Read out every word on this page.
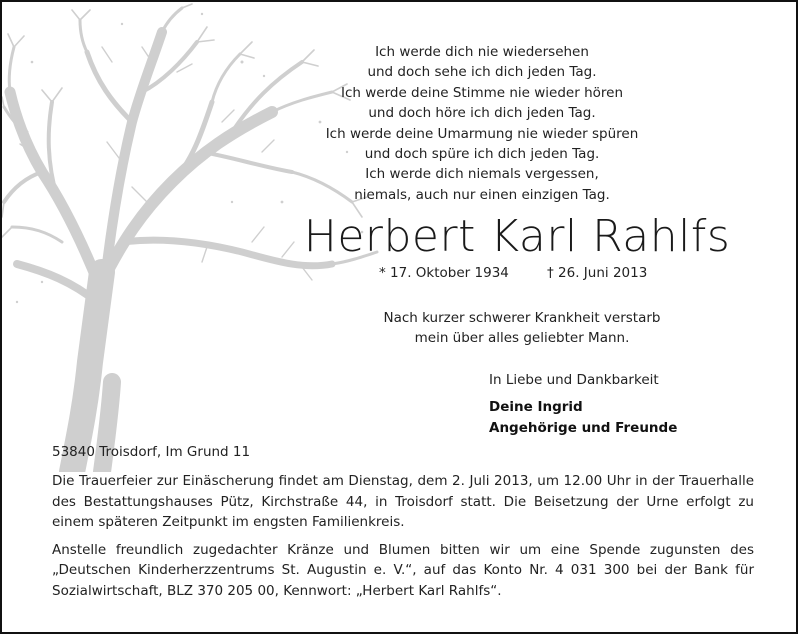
Ich werde dich nie wiedersehen
und doch sehe ich dich jeden Tag.
Ich werde deine Stimme nie wieder hören
und doch höre ich dich jeden Tag.
Ich werde deine Umarmung nie wieder spüren
und doch spüre ich dich jeden Tag.
Ich werde dich niemals vergessen,
niemals, auch nur einen einzigen Tag.
Herbert Karl Rahlfs
* 17. Oktober 1934	† 26. Juni 2013
Nach kurzer schwerer Krankheit verstarb
mein über alles geliebter Mann.
In Liebe und Dankbarkeit
Deine Ingrid
Angehörige und Freunde
53840 Troisdorf, Im Grund 11

Die Trauerfeier zur Einäscherung findet am Dienstag, dem 2. Juli 2013, um 12.00 Uhr in der Trauerhalle des Bestattungshauses Pütz, Kirchstraße 44, in Troisdorf statt. Die Beisetzung der Urne erfolgt zu einem späteren Zeitpunkt im engsten Familienkreis.

Anstelle freundlich zugedachter Kränze und Blumen bitten wir um eine Spende zugunsten des „Deutschen Kinderherzzentrums St. Augustin e. V.“, auf das Konto Nr. 4 031 300 bei der Bank für Sozialwirtschaft, BLZ 370 205 00, Kennwort: „Herbert Karl Rahlfs“.
